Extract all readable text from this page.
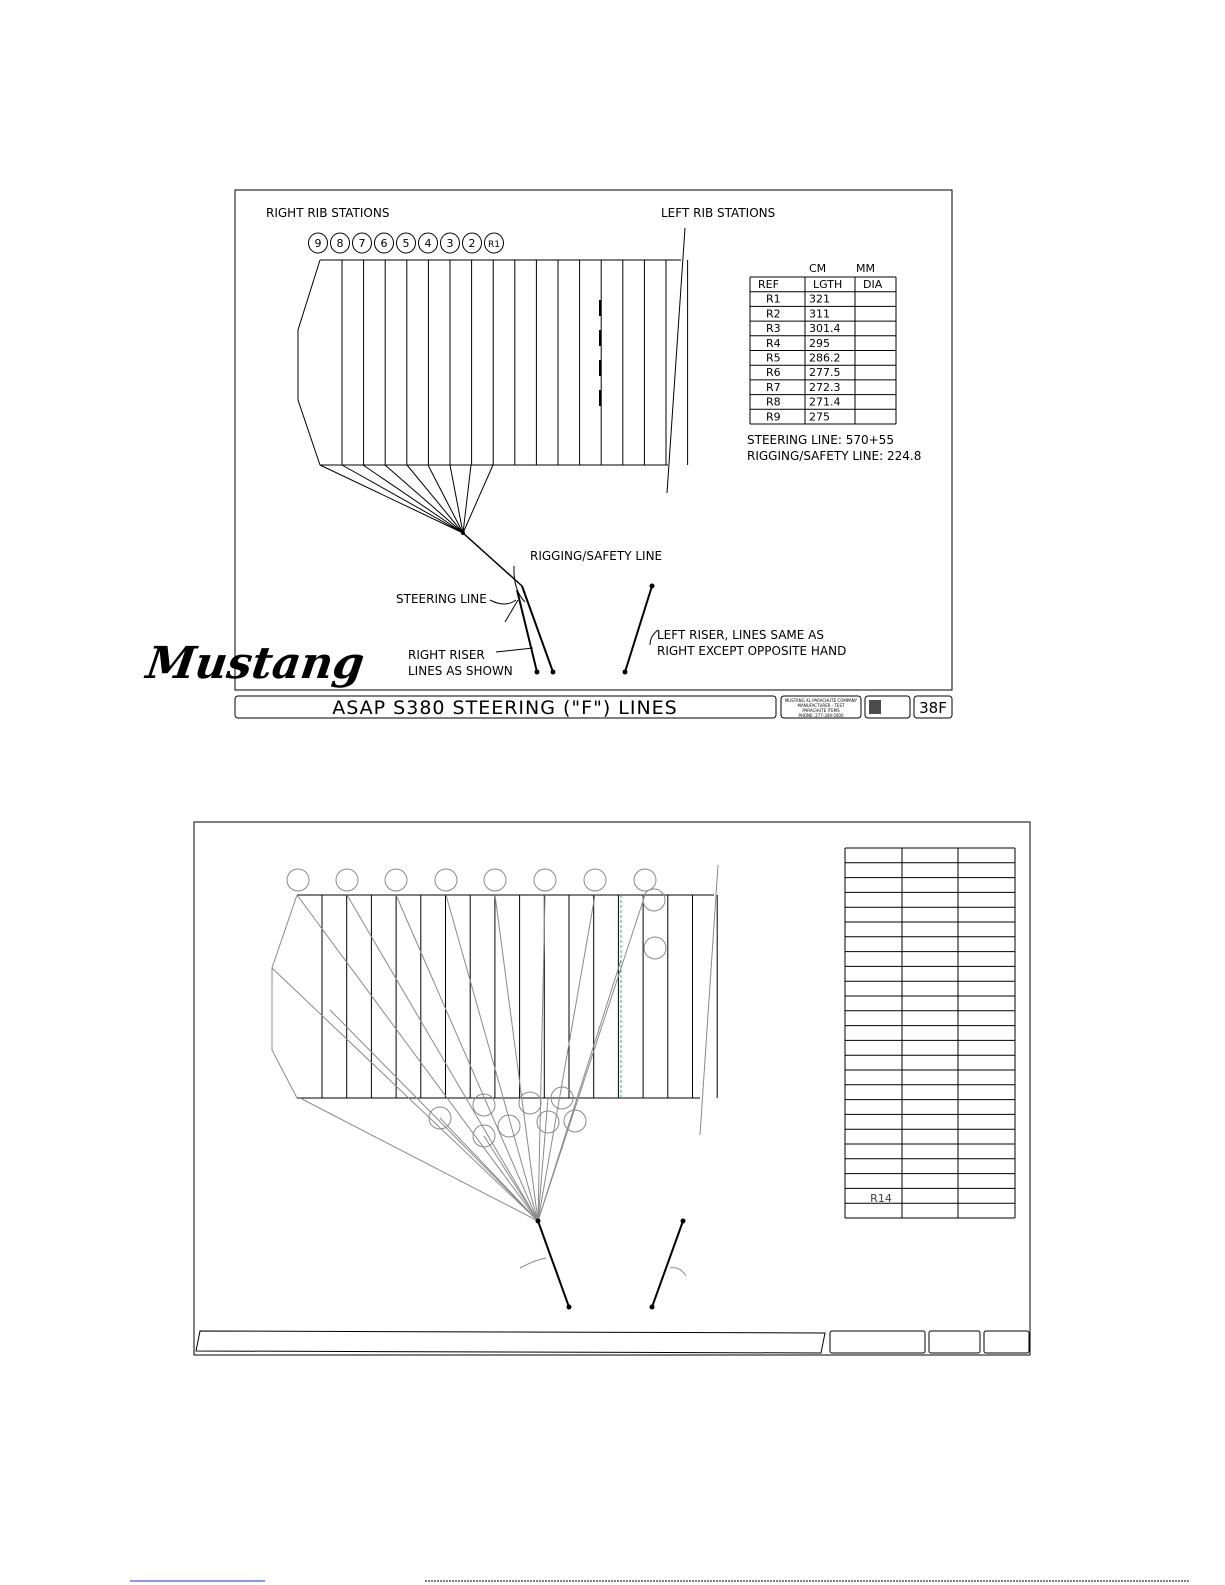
RIGHT RIB STATIONS	LEFT RIB STATIONS
9 8 7 6 5 4 3 2 R1
RIGGING/SAFETY LINE
STEERING LINE
RIGHT RISER
LINES AS SHOWN
LEFT RISER, LINES SAME AS
RIGHT EXCEPT OPPOSITE HAND
CM	MM
REF	LGTH DIA
R1	321
R2	311
R3	301.4
R4	295
R5	286.2
R6	277.5
R7	272.3
R8	271.4
R9	275
STEERING LINE: 570+55
RIGGING/SAFETY LINE: 224.8
Mustang
ASAP S380 STEERING ("F") LINES	MUSTANG XL PARACHUTE COMPANY
MANUFACTURER - TEST
PARACHUTE ITEMS
PHONE: 277-349-5000	38F
R14
